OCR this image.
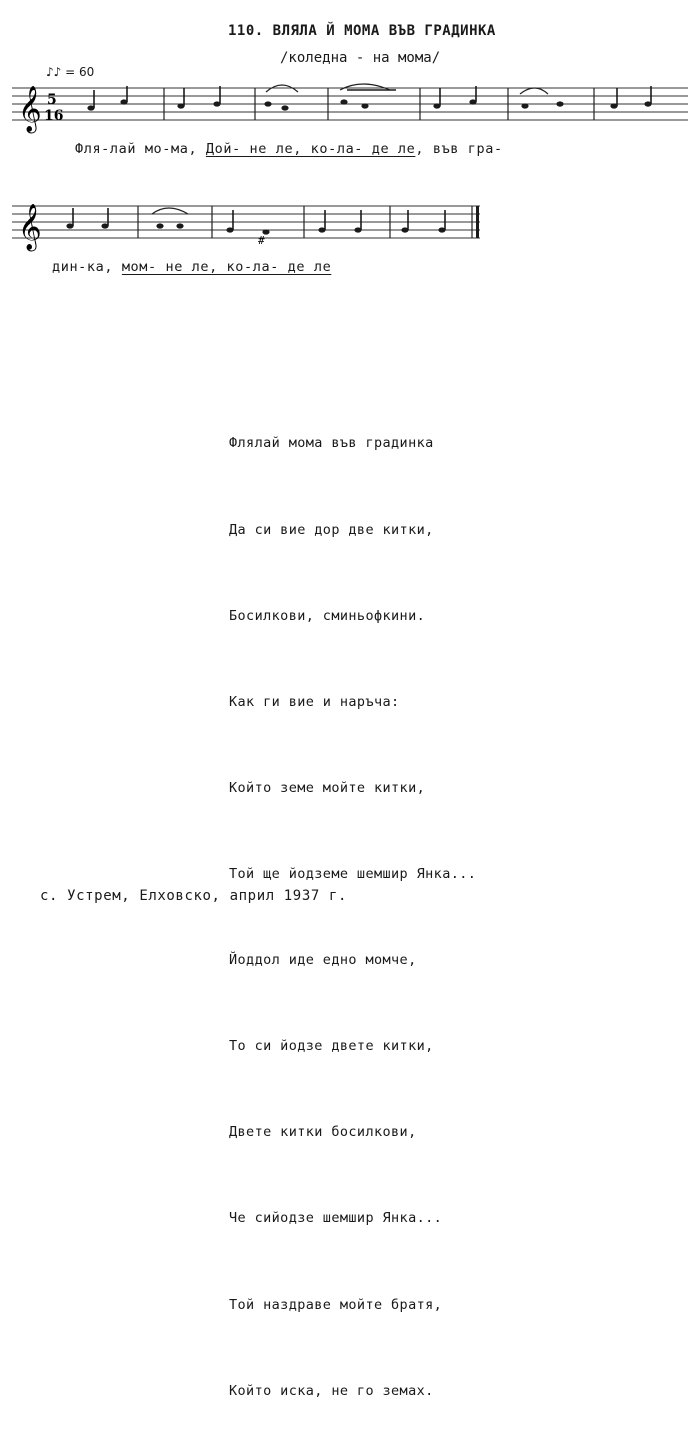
110. ВЛЯЛА Й МОМА ВЪВ ГРАДИНКА
/коледна - на мома/
♪♪ = 60
𝄞 5
16
Фля-лай мо-ма, Дой- не ле, ко-ла- де ле, във гра-
𝄞	#
дин-ка, мом- не ле, ко-ла- де ле

Флялай мома във градинка

Да си вие дор две китки,

Босилкови, сминьофкини.

Как ги вие и наръча:

Който земе мойте китки,

Той ще йодземе шемшир Янка...

Йоддол иде едно момче,

То си йодзе двете китки,

Двете китки босилкови,

Че сийодзе шемшир Янка...

Той наздраве мойте братя,

Който иска, не го земах.

с. Устрем, Елховско, април 1937 г.
